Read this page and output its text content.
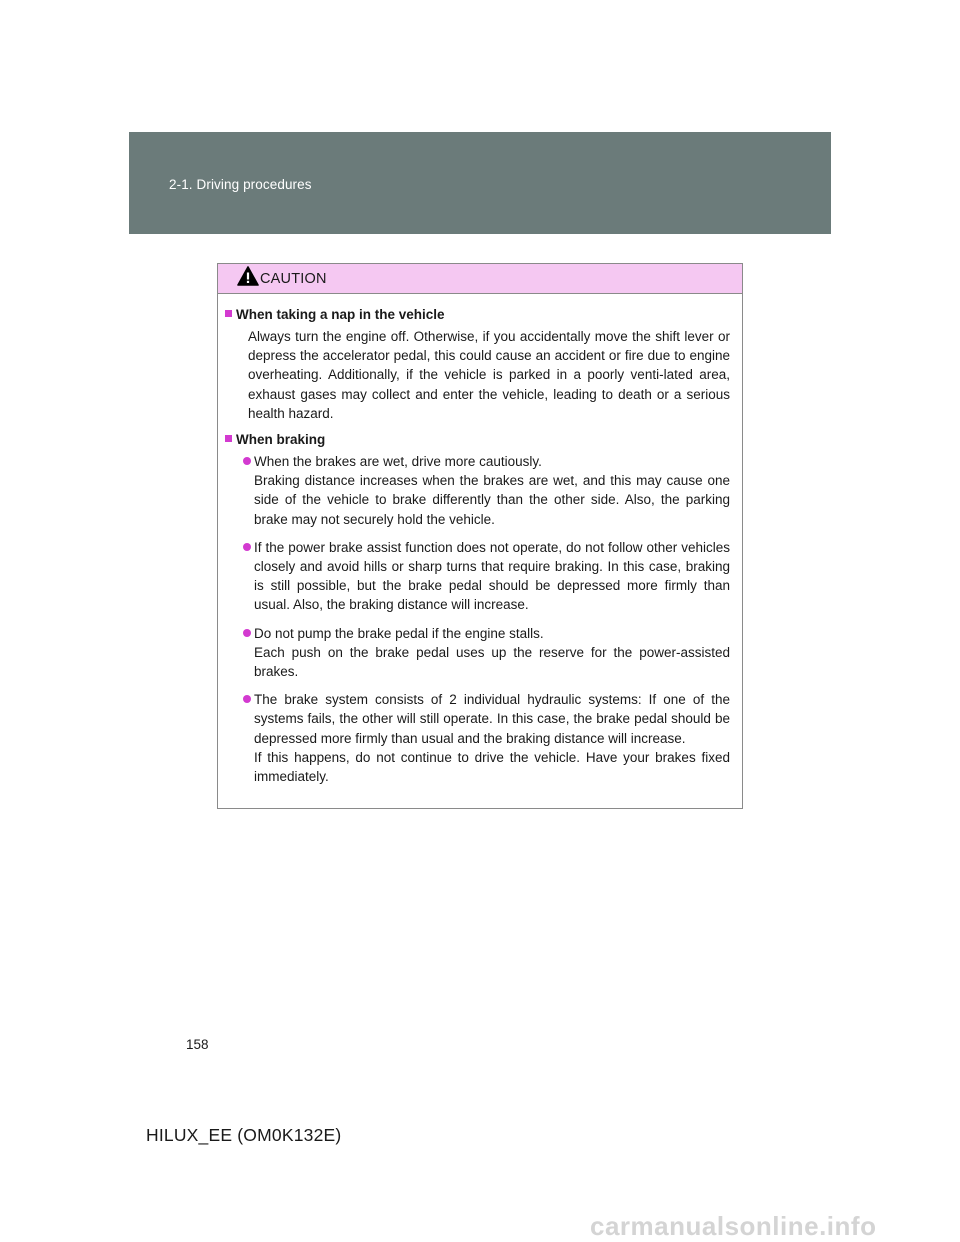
2-1. Driving procedures
CAUTION
When taking a nap in the vehicle
Always turn the engine off. Otherwise, if you accidentally move the shift lever or depress the accelerator pedal, this could cause an accident or fire due to engine overheating. Additionally, if the vehicle is parked in a poorly venti-lated area, exhaust gases may collect and enter the vehicle, leading to death or a serious health hazard.
When braking
When the brakes are wet, drive more cautiously.
Braking distance increases when the brakes are wet, and this may cause one side of the vehicle to brake differently than the other side. Also, the parking brake may not securely hold the vehicle.
If the power brake assist function does not operate, do not follow other vehicles closely and avoid hills or sharp turns that require braking. In this case, braking is still possible, but the brake pedal should be depressed more firmly than usual. Also, the braking distance will increase.
Do not pump the brake pedal if the engine stalls.
Each push on the brake pedal uses up the reserve for the power-assisted brakes.
The brake system consists of 2 individual hydraulic systems: If one of the systems fails, the other will still operate. In this case, the brake pedal should be depressed more firmly than usual and the braking distance will increase.
If this happens, do not continue to drive the vehicle. Have your brakes fixed immediately.
158
HILUX_EE (OM0K132E)
carmanualsonline.info
